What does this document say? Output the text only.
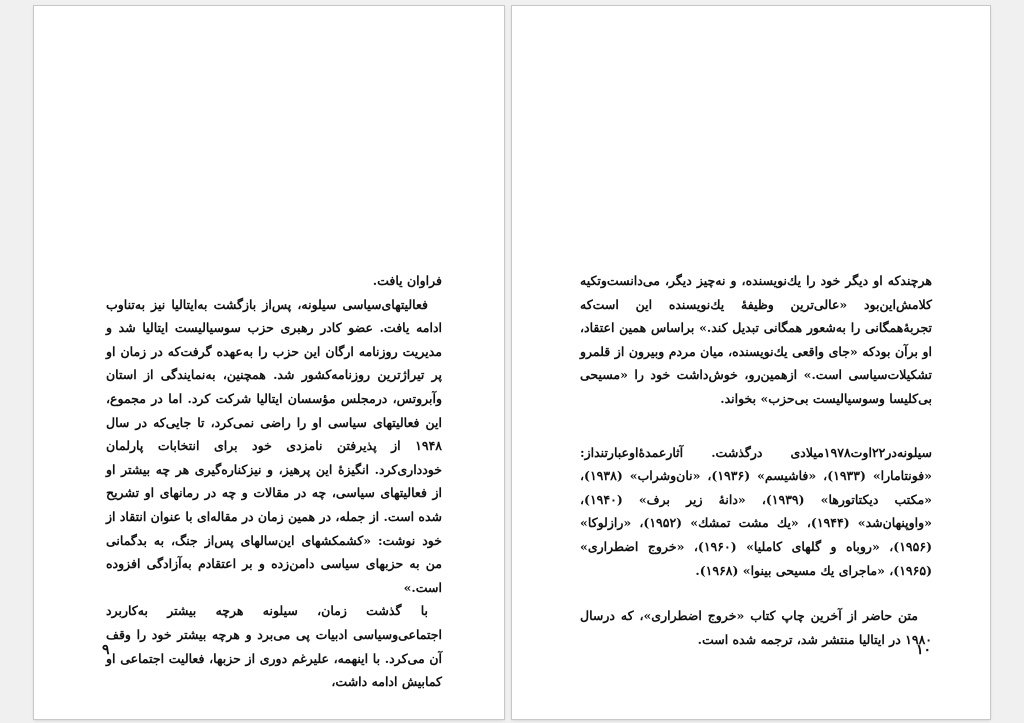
فراوان یافت.

فعالیتهای‌سیاسی سیلونه، پس‌از بازگشت به‌ایتالیا نیز به‌تناوب ادامه یافت. عضو کادر رهبری حزب سوسیالیست ایتالیا شد و مدیریت روزنامه ارگان این حزب را به‌عهده گرفت‌که در زمان او پر تیراژترین روزنامه‌کشور شد. همچنین، به‌نمایندگی از استان وآبروتس، درمجلس مؤسسان ایتالیا شرکت کرد. اما در مجموع، این فعالیتهای سیاسی او را راضی نمی‌کرد، تا جایی‌که در سال ۱۹۴۸ از پذیرفتن نامزدی خود برای انتخابات پارلمان خودداری‌کرد. انگیزهٔ این پرهیز، و نیزکناره‌گیری هر چه بیشتر او از فعالیتهای سیاسی، چه در مقالات و چه در رمانهای او تشریح شده است. از جمله، در همین زمان در مقاله‌ای با عنوان انتقاد از خود نوشت: «کشمکشهای این‌سالهای پس‌از جنگ، به بدگمانی من به حزبهای سیاسی دامن‌زده و بر اعتقادم به‌آزادگی افزوده است.»

با گذشت زمان، سیلونه هرچه بیشتر به‌کاربرد اجتماعی‌وسیاسی ادبیات پی می‌برد و هرچه بیشتر خود را وقف آن می‌کرد. با اینهمه، علیرغم دوری از حزبها، فعالیت اجتماعی او کمابیش ادامه داشت،

۹

هرچندکه او دیگر خود را یك‌نویسنده، و نه‌چیز دیگر، می‌دانست‌وتکیه کلامش‌این‌بود «عالی‌ترین وظیفهٔ یك‌نویسنده این است‌که تجربهٔ‌همگانی را به‌شعور همگانی تبدیل کند.» براساس همین اعتقاد، او برآن بودکه «جای واقعی یك‌نویسنده، میان مردم وبیرون از قلمرو تشکیلات‌سیاسی است.» ازهمین‌رو، خوش‌داشت خود را «مسیحی بی‌کلیسا وسوسیالیست بی‌حزب» بخواند.

سیلونه‌در۲۲اوت۱۹۷۸میلادی درگذشت. آثارعمدهٔ‌اوعبارتنداز: «فونتامارا» (۱۹۳۳)، «فاشیسم» (۱۹۳۶)، «نان‌وشراب» (۱۹۳۸)، «مکتب دیکتاتورها» (۱۹۳۹)، «دانهٔ زیر برف» (۱۹۴۰)، «واوپنهان‌شد» (۱۹۴۴)، «یك مشت تمشك» (۱۹۵۲)، «رازلوکا» (۱۹۵۶)، «روباه و گلهای کاملیا» (۱۹۶۰)، «خروج اضطراری» (۱۹۶۵)، «ماجرای یك مسیحی بینوا» (۱۹۶۸).

متن حاضر از آخرین چاپ کتاب «خروج اضطراری»، که درسال ۱۹۸۰ در ایتالیا منتشر شد، ترجمه شده است.

۱۰
